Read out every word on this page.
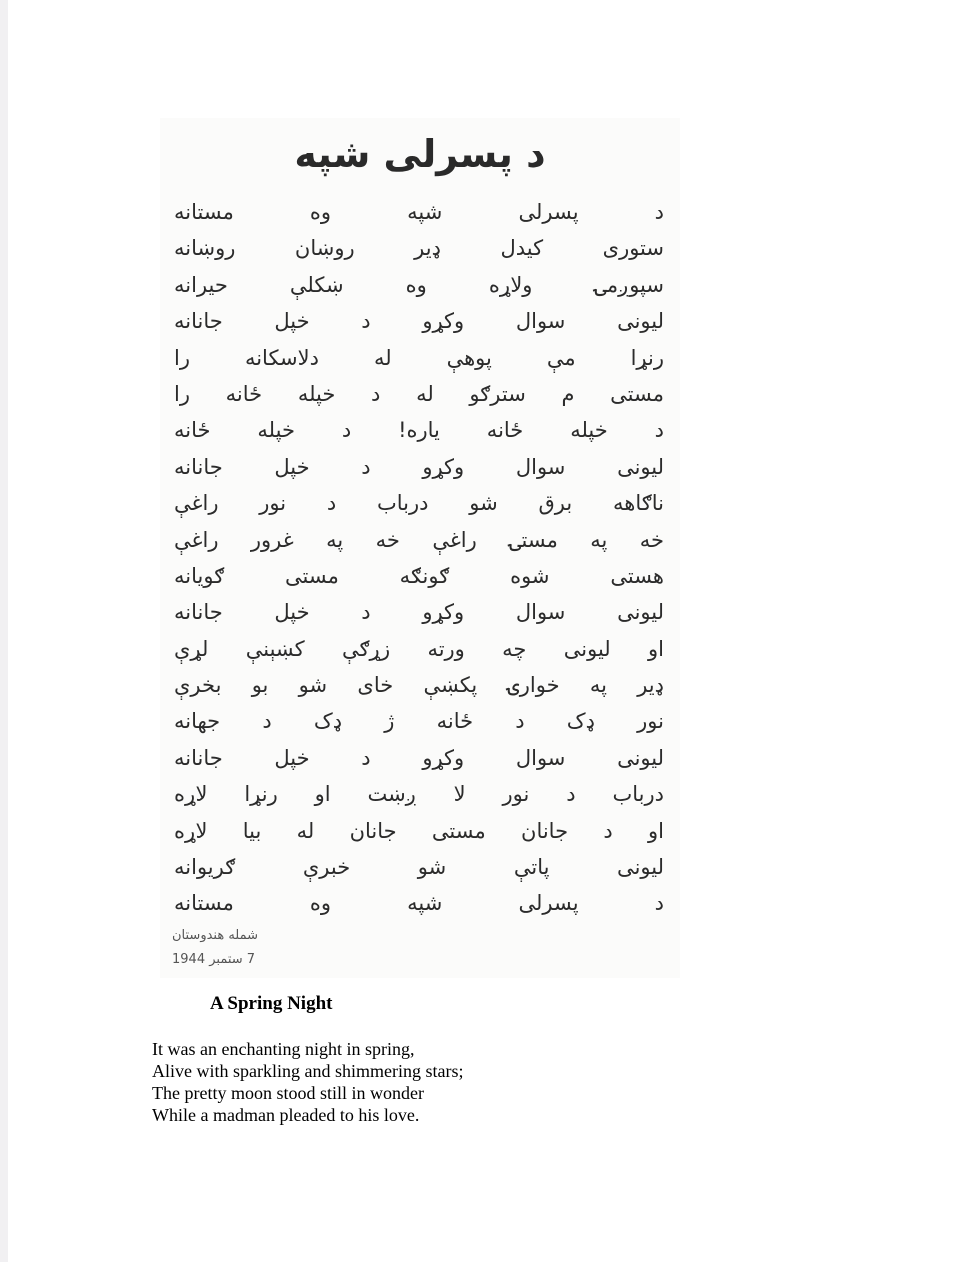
د پسرلی شپه
د پسرلی شپه وه مستانه
ستوری کیدل ډیر روښان روښانه
سپوږمۍ ولاړه وه ښکلې حیرانه
لیونی سوال وکړو د خپل جانانه
رنړا مې پوهې له دلاسکانه را
مستی م سترګو له د خپله ځانه را
د خپله ځانه یاره! د خپله ځانه
لیونی سوال وکړو د خپل جانانه
ناګاهه برق شو درباب د نور راغې
خه په مستۍ راغې خه په غرور راغې
هستی شوه ګونګه مستی ګویانه
لیونی سوال وکړو د خپل جانانه
او لیونی چه ورته زړګې کښېنې لړې
ډیر په خوارۍ پکښې خای شو بو بخرې
نور ډک د ځانه ژ ډک د جهانه
لیونی سوال وکړو د خپل جانانه
درباب د نور لا ږښت او رنړا لاړه
او د جانان مستی جانان له بیا لاړه
لیونی پاتې شو خبرې ګریوانه
د پسرلی شپه وه مستانه
شمله هندوستان
7 ستمبر 1944
A Spring Night
It was an enchanting night in spring,
Alive with sparkling and shimmering stars;
The pretty moon stood still in wonder
While a madman pleaded to his love.
